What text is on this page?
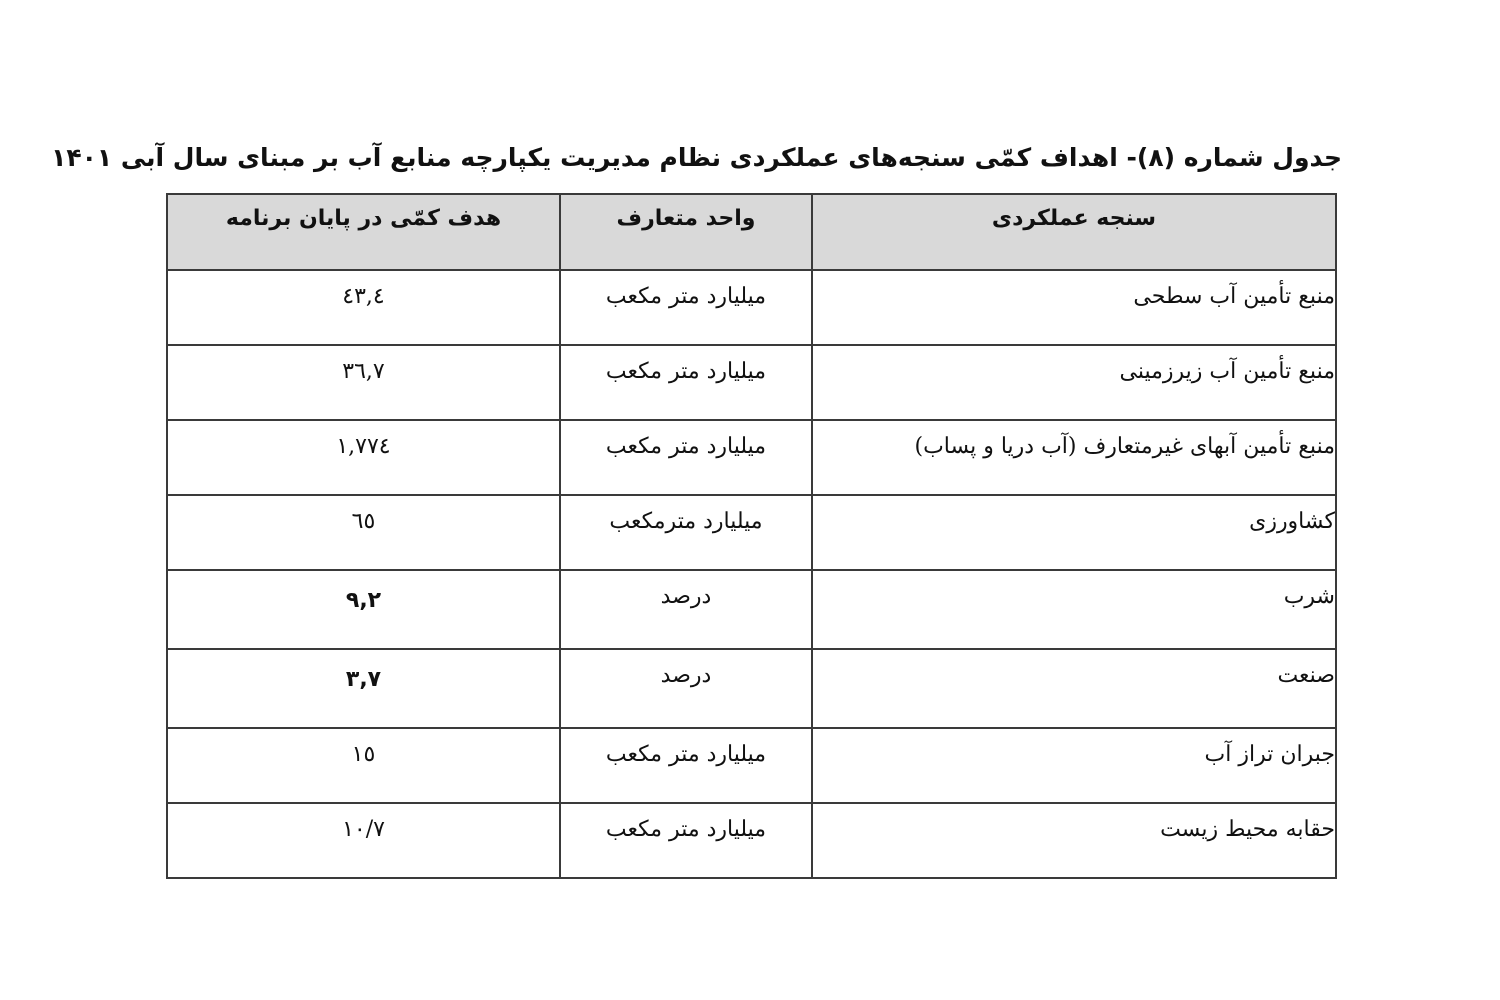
جدول شماره (۸)- اهداف کمّی سنجه‌های عملکردی نظام مدیریت یکپارچه منابع آب بر مبنای سال آبی ۱۴۰۱
سنجه عملکردی	واحد متعارف	هدف کمّی در پایان برنامه
منبع تأمین آب سطحی	میلیارد متر مکعب	٤٣,٤
منبع تأمین آب زیرزمینی	میلیارد متر مکعب	٣٦,٧
منبع تأمین آبهای غیرمتعارف (آب دریا و پساب)	میلیارد متر مکعب	١,٧٧٤
کشاورزی	میلیارد مترمکعب	٦٥
شرب	درصد	۹,۲
صنعت	درصد	۳,۷
جبران تراز آب	میلیارد متر مکعب	١٥
حقابه محیط زیست	میلیارد متر مکعب	١٠/٧
